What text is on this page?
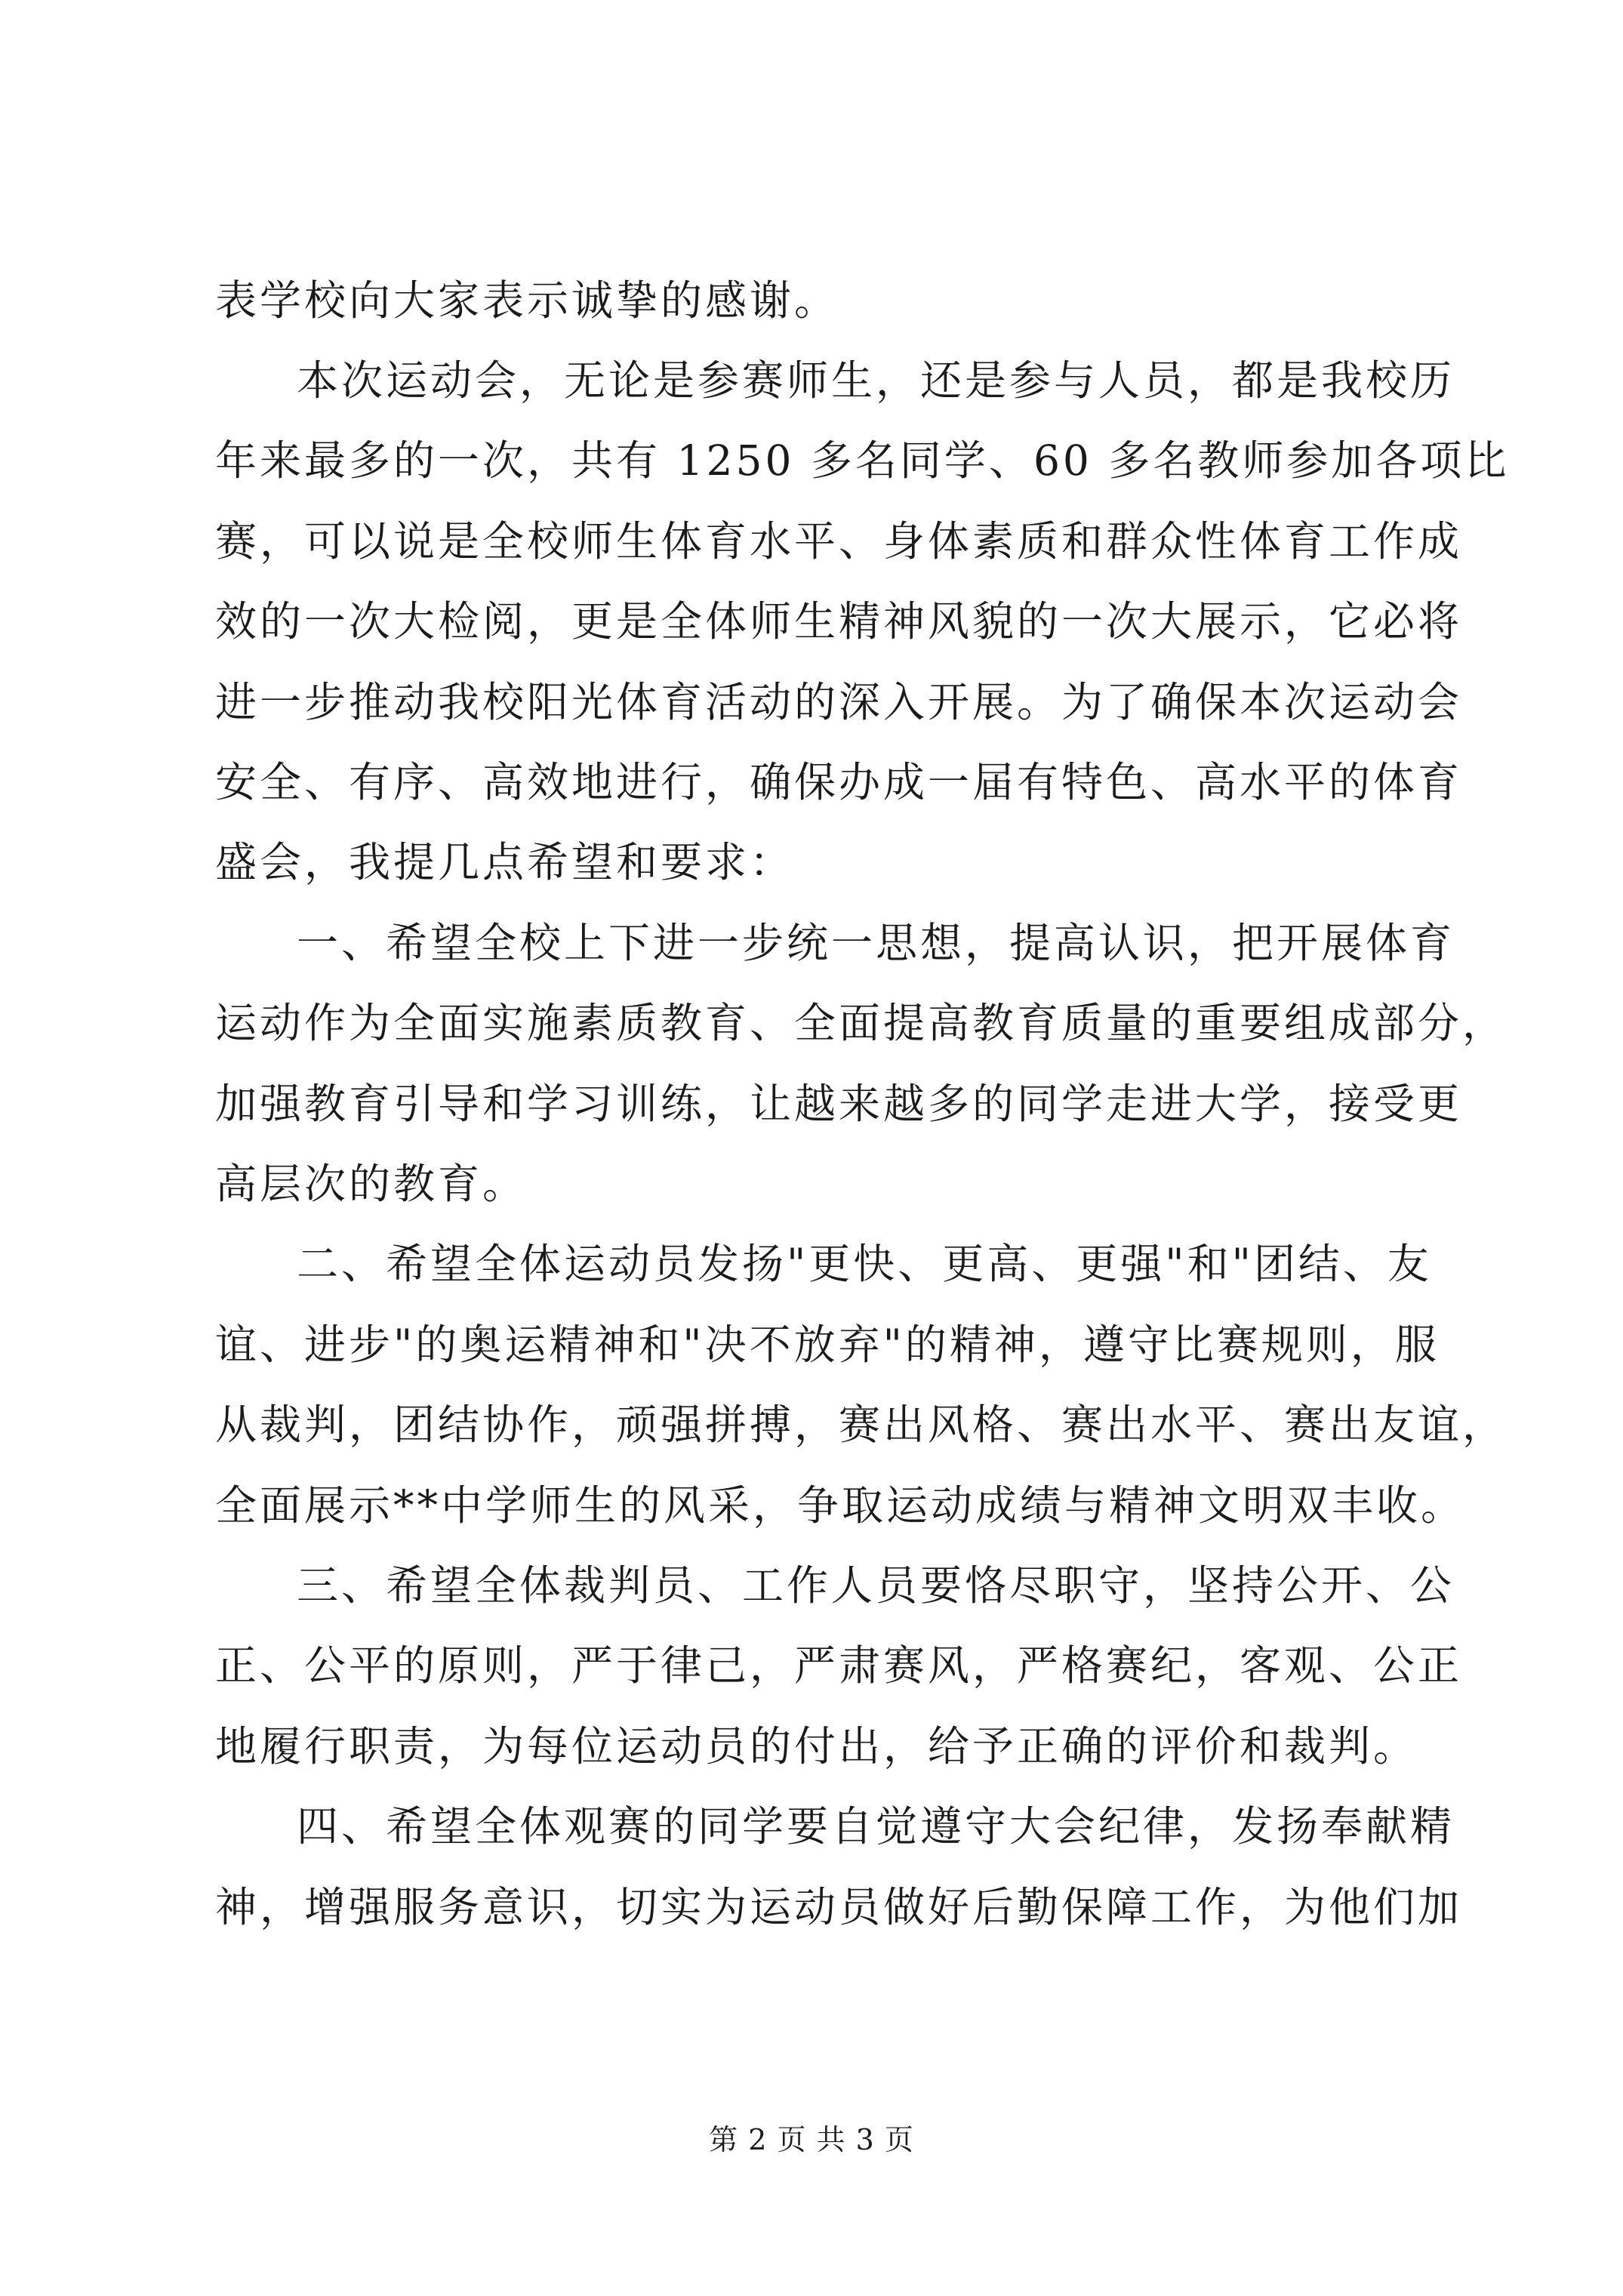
表学校向大家表示诚挚的感谢。
本次运动会，无论是参赛师生，还是参与人员，都是我校历
年来最多的一次，共有 1250 多名同学、60 多名教师参加各项比
赛，可以说是全校师生体育水平、身体素质和群众性体育工作成
效的一次大检阅，更是全体师生精神风貌的一次大展示，它必将
进一步推动我校阳光体育活动的深入开展。为了确保本次运动会
安全、有序、高效地进行，确保办成一届有特色、高水平的体育
盛会，我提几点希望和要求：
一、希望全校上下进一步统一思想，提高认识，把开展体育
运动作为全面实施素质教育、全面提高教育质量的重要组成部分，
加强教育引导和学习训练，让越来越多的同学走进大学，接受更
高层次的教育。
二、希望全体运动员发扬"更快、更高、更强"和"团结、友
谊、进步"的奥运精神和"决不放弃"的精神，遵守比赛规则，服
从裁判，团结协作，顽强拼搏，赛出风格、赛出水平、赛出友谊，
全面展示**中学师生的风采，争取运动成绩与精神文明双丰收。
三、希望全体裁判员、工作人员要恪尽职守，坚持公开、公
正、公平的原则，严于律己，严肃赛风，严格赛纪，客观、公正
地履行职责，为每位运动员的付出，给予正确的评价和裁判。
四、希望全体观赛的同学要自觉遵守大会纪律，发扬奉献精
神，增强服务意识，切实为运动员做好后勤保障工作，为他们加
第 2 页 共 3 页
